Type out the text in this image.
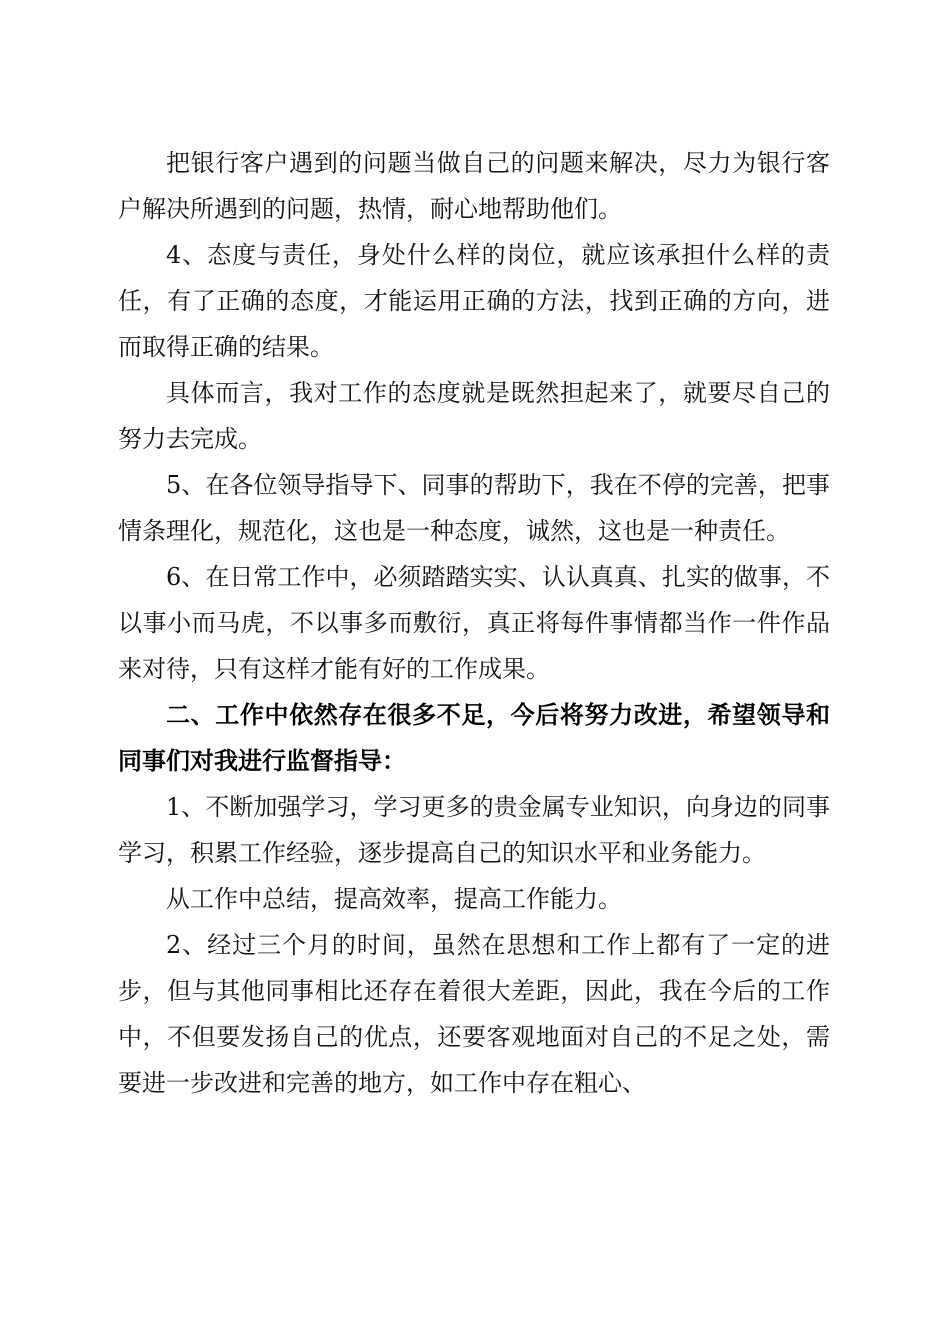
把银行客户遇到的问题当做自己的问题来解决，尽力为银行客户解决所遇到的问题，热情，耐心地帮助他们。

4、态度与责任，身处什么样的岗位，就应该承担什么样的责任，有了正确的态度，才能运用正确的方法，找到正确的方向，进而取得正确的结果。

具体而言，我对工作的态度就是既然担起来了，就要尽自己的努力去完成。

5、在各位领导指导下、同事的帮助下，我在不停的完善，把事情条理化，规范化，这也是一种态度，诚然，这也是一种责任。

6、在日常工作中，必须踏踏实实、认认真真、扎实的做事，不以事小而马虎，不以事多而敷衍，真正将每件事情都当作一件作品来对待，只有这样才能有好的工作成果。

二、工作中依然存在很多不足，今后将努力改进，希望领导和同事们对我进行监督指导：

1、不断加强学习，学习更多的贵金属专业知识，向身边的同事学习，积累工作经验，逐步提高自己的知识水平和业务能力。

从工作中总结，提高效率，提高工作能力。

2、经过三个月的时间，虽然在思想和工作上都有了一定的进步，但与其他同事相比还存在着很大差距，因此，我在今后的工作中，不但要发扬自己的优点，还要客观地面对自己的不足之处，需要进一步改进和完善的地方，如工作中存在粗心、
